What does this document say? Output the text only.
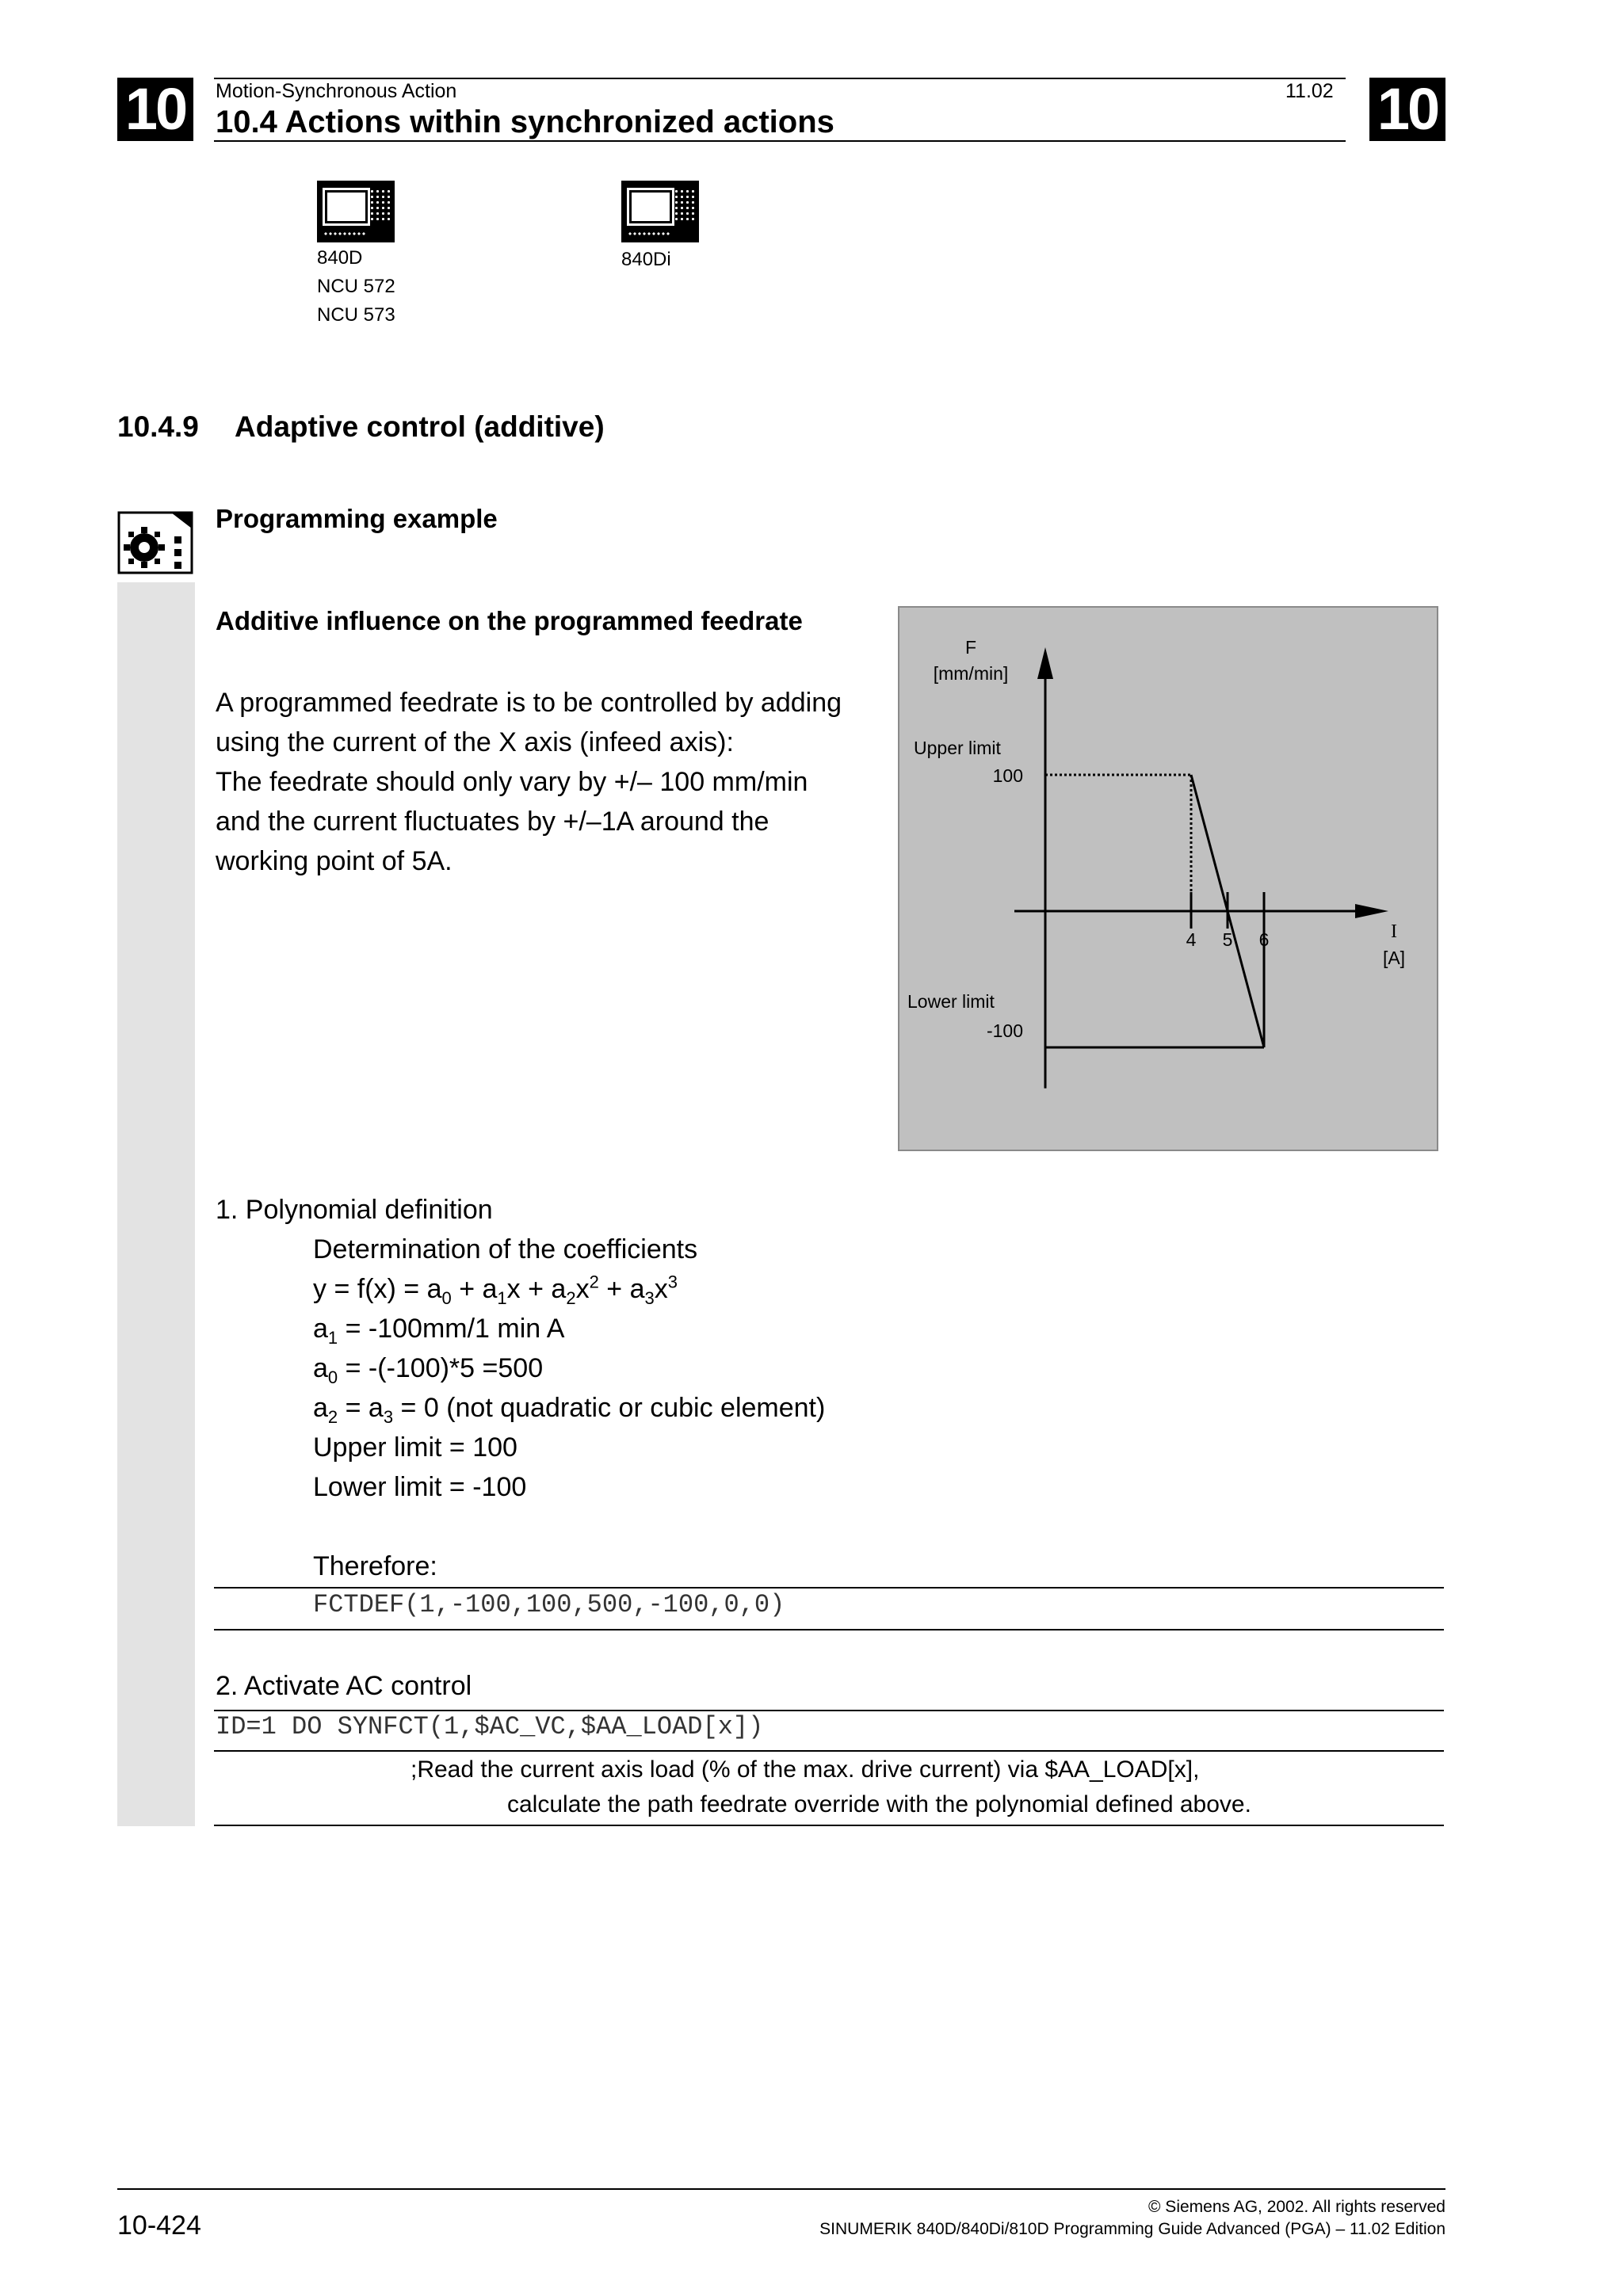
10	10
Motion-Synchronous Action	11.02
10.4 Actions within synchronized actions
840D
NCU 572
NCU 573
840Di
10.4.9 Adaptive control (additive)
Programming example
Additive influence on the programmed feedrate
A programmed feedrate is to be controlled by adding
using the current of the X axis (infeed axis):
The feedrate should only vary by +/– 100 mm/min
and the current fluctuates by +/–1A around the
working point of 5A.
F
[mm/min]
I
[A]
4 5 6
Upper limit
100
Lower limit
-100
1. Polynomial definition
Determination of the coefficients
$y = f(x) = a_0 + a_1x + a_2x^2 + a_3x^3$
$a_1 = -100mm/1$ min A
$a_0 = -(-100)*5 =500$
$a_2 = a_3 = 0$ (not quadratic or cubic element)
Upper limit = 100
Lower limit = -100
Therefore:
FCTDEF(1,-100,100,500,-100,0,0)
2. Activate AC control
ID=1 DO SYNFCT(1,$AC_VC,$AA_LOAD[x])
;Read the current axis load (% of the max. drive current) via $AA_LOAD[x],
calculate the path feedrate override with the polynomial defined above.
© Siemens AG, 2002. All rights reserved
SINUMERIK 840D/840Di/810D Programming Guide Advanced (PGA) – 11.02 Edition
10-424
